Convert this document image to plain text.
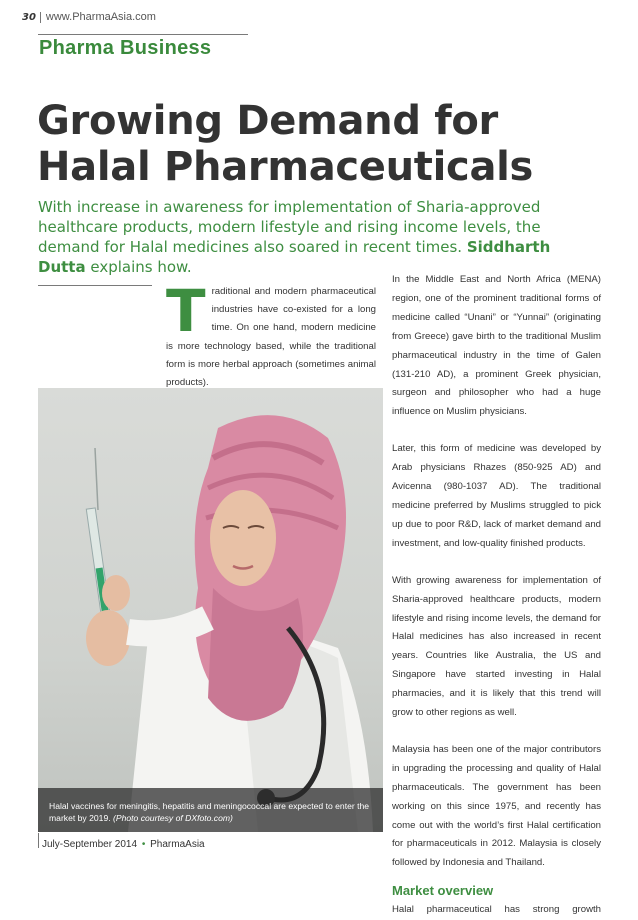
30 www.PharmaAsia.com
Pharma Business
Growing Demand for
Halal Pharmaceuticals

With increase in awareness for implementation of Sharia-approved healthcare products, modern lifestyle and rising income levels, the demand for Halal medicines also soared in recent times. Siddharth Dutta explains how.

Traditional and modern pharmaceutical industries have co-existed for a long time. On one hand, modern medicine is more technology based, while the traditional form is more herbal approach (sometimes animal products).

In the Middle East and North Africa (MENA) region, one of the prominent traditional forms of medicine called “Unani” or “Yunnai” (originating from Greece) gave birth to the traditional Muslim pharmaceutical industry in the time of Galen (131-210 AD), a prominent Greek physician, surgeon and philosopher who had a huge influence on Muslim physicians.

Later, this form of medicine was developed by Arab physicians Rhazes (850-925 AD) and Avicenna (980-1037 AD). The traditional medicine preferred by Muslims struggled to pick up due to poor R&D, lack of market demand and investment, and low-quality finished products.

With growing awareness for implementation of Sharia-approved healthcare products, modern lifestyle and rising income levels, the demand for Halal medicines has also increased in recent years. Countries like Australia, the US and Singapore have started investing in Halal pharmacies, and it is likely that this trend will grow to other regions as well.

Malaysia has been one of the major contributors in upgrading the processing and quality of Halal pharmaceuticals. The government has been working on this since 1975, and recently has come out with the world’s first Halal certification for pharmaceuticals in 2012. Malaysia is closely followed by Indonesia and Thailand.

Market overview
Halal pharmaceutical has strong growth
Halal vaccines for meningitis, hepatitis and meningococcal are expected to enter the market by 2019. (Photo courtesy of DXfoto.com)
July-September 2014 • PharmaAsia
